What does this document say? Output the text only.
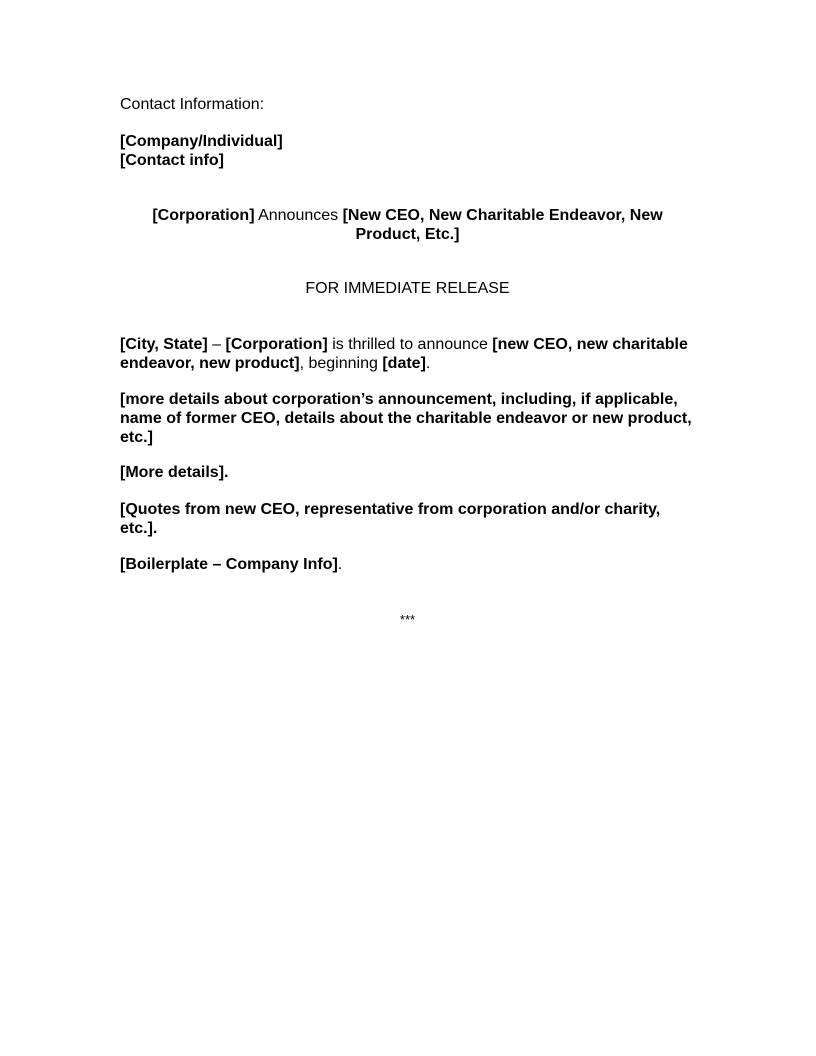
Contact Information:

[Company/Individual]

[Contact info]

[Corporation] Announces [New CEO, New Charitable Endeavor, New Product, Etc.]

FOR IMMEDIATE RELEASE

[City, State] – [Corporation] is thrilled to announce [new CEO, new charitable endeavor, new product], beginning [date].

[more details about corporation’s announcement, including, if applicable, name of former CEO, details about the charitable endeavor or new product, etc.]

[More details].

[Quotes from new CEO, representative from corporation and/or charity, etc.].

[Boilerplate – Company Info].

***
